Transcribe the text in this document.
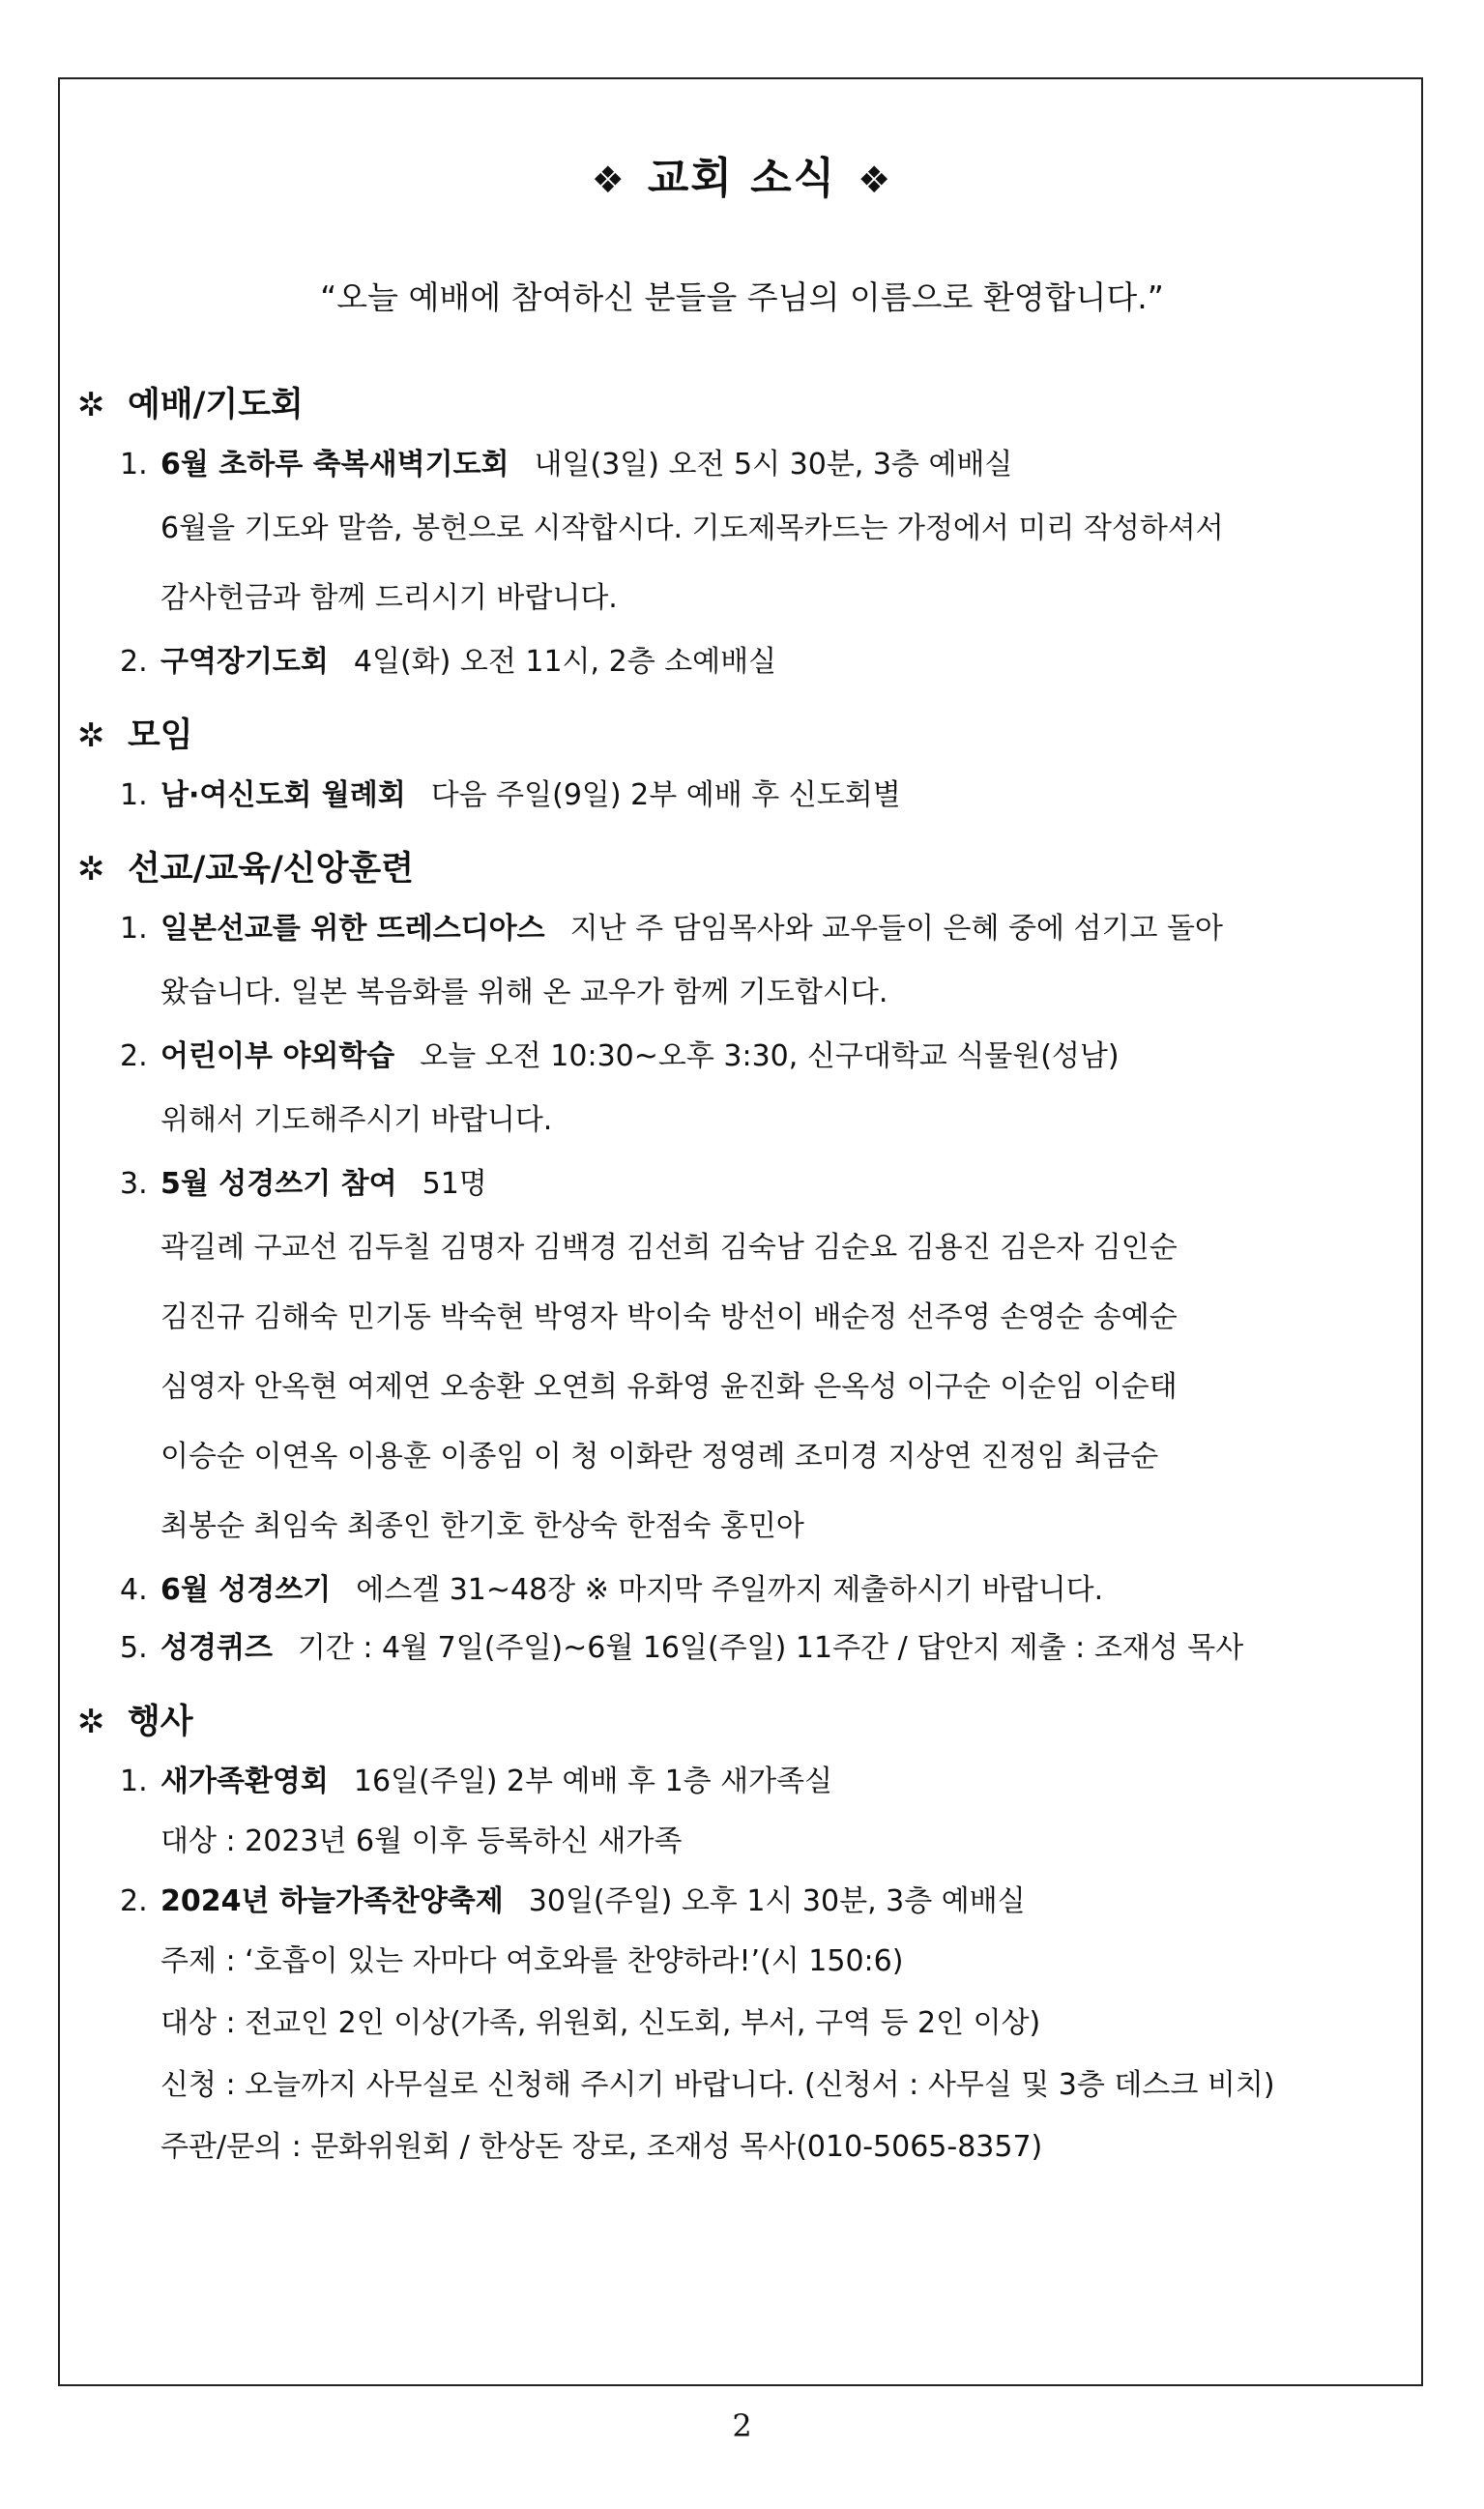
❖ 교회 소식 ❖
“오늘 예배에 참여하신 분들을 주님의 이름으로 환영합니다.”
✲ 예배/기도회
1. 6월 초하루 축복새벽기도회 내일(3일) 오전 5시 30분, 3층 예배실
6월을 기도와 말씀, 봉헌으로 시작합시다. 기도제목카드는 가정에서 미리 작성하셔서
감사헌금과 함께 드리시기 바랍니다.
2. 구역장기도회 4일(화) 오전 11시, 2층 소예배실
✲ 모임
1. 남·여신도회 월례회 다음 주일(9일) 2부 예배 후 신도회별
✲ 선교/교육/신앙훈련
1. 일본선교를 위한 뜨레스디아스 지난 주 담임목사와 교우들이 은혜 중에 섬기고 돌아
왔습니다. 일본 복음화를 위해 온 교우가 함께 기도합시다.
2. 어린이부 야외학습 오늘 오전 10:30~오후 3:30, 신구대학교 식물원(성남)
위해서 기도해주시기 바랍니다.
3. 5월 성경쓰기 참여 51명
곽길례 구교선 김두칠 김명자 김백경 김선희 김숙남 김순요 김용진 김은자 김인순
김진규 김해숙 민기동 박숙현 박영자 박이숙 방선이 배순정 선주영 손영순 송예순
심영자 안옥현 여제연 오송환 오연희 유화영 윤진화 은옥성 이구순 이순임 이순태
이승순 이연옥 이용훈 이종임 이 청 이화란 정영례 조미경 지상연 진정임 최금순
최봉순 최임숙 최종인 한기호 한상숙 한점숙 홍민아
4. 6월 성경쓰기 에스겔 31~48장 ※ 마지막 주일까지 제출하시기 바랍니다.
5. 성경퀴즈 기간 : 4월 7일(주일)~6월 16일(주일) 11주간 / 답안지 제출 : 조재성 목사
✲ 행사
1. 새가족환영회 16일(주일) 2부 예배 후 1층 새가족실
대상 : 2023년 6월 이후 등록하신 새가족
2. 2024년 하늘가족찬양축제 30일(주일) 오후 1시 30분, 3층 예배실
주제 : ‘호흡이 있는 자마다 여호와를 찬양하라!’(시 150:6)
대상 : 전교인 2인 이상(가족, 위원회, 신도회, 부서, 구역 등 2인 이상)
신청 : 오늘까지 사무실로 신청해 주시기 바랍니다. (신청서 : 사무실 및 3층 데스크 비치)
주관/문의 : 문화위원회 / 한상돈 장로, 조재성 목사(010-5065-8357)
2
